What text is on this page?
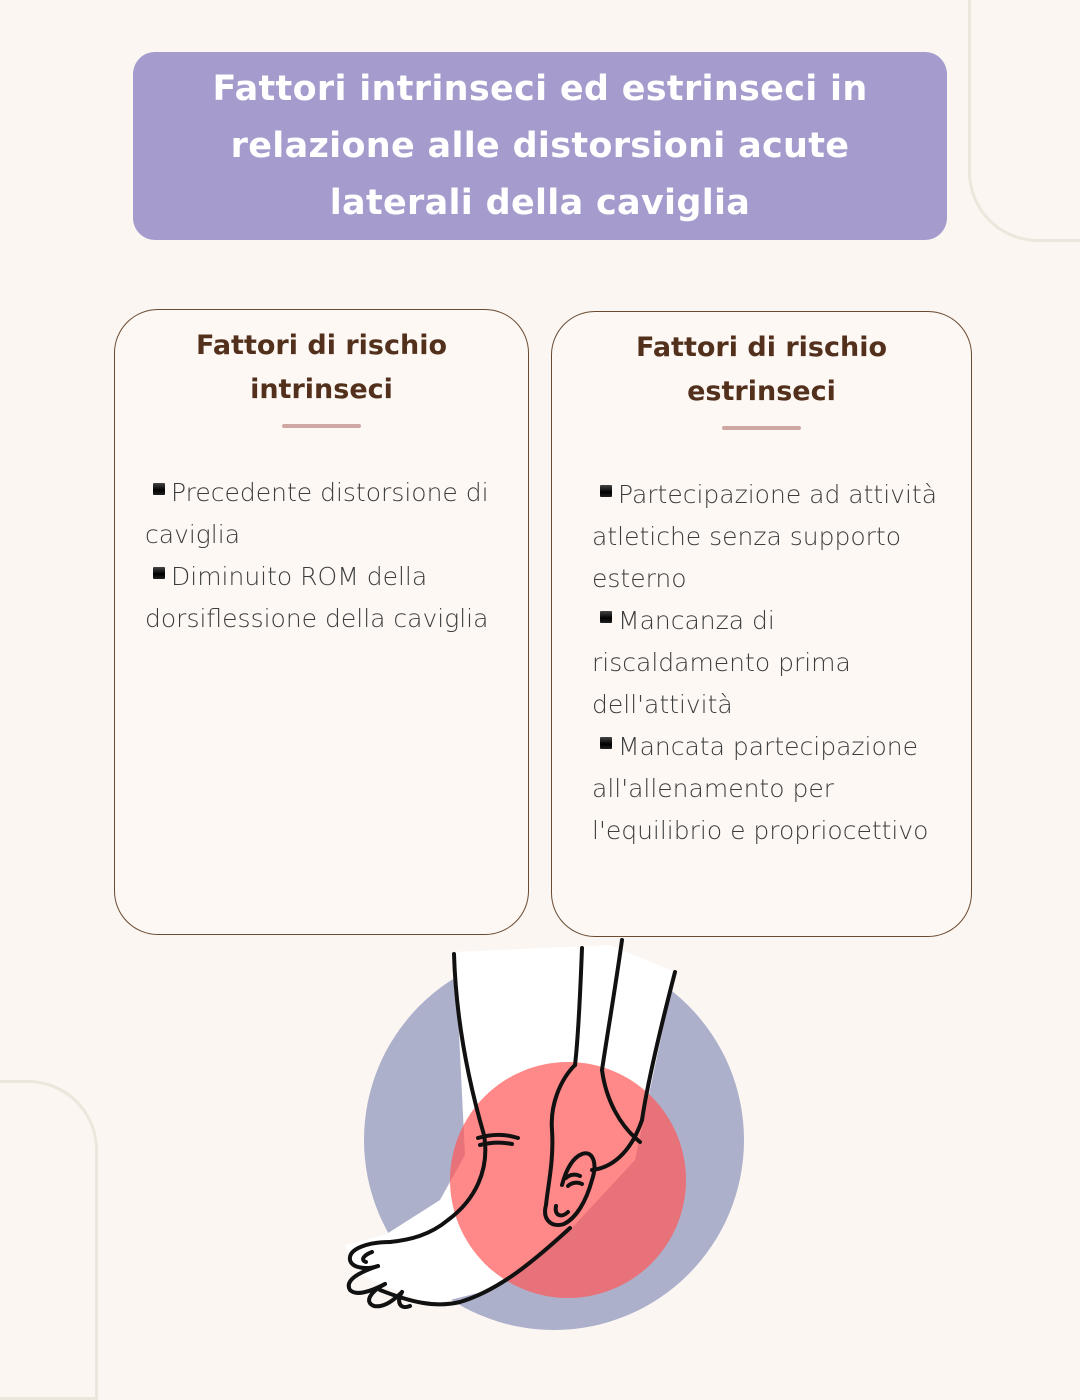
Fattori intrinseci ed estrinseci in relazione alle distorsioni acute laterali della caviglia
Fattori di rischio
intrinseci
Precedente distorsione di caviglia
Diminuito ROM della dorsiflessione della caviglia
Fattori di rischio
estrinseci
Partecipazione ad attività atletiche senza supporto esterno
Mancanza di riscaldamento prima dell'attività
Mancata partecipazione all'allenamento per l'equilibrio e propriocettivo
